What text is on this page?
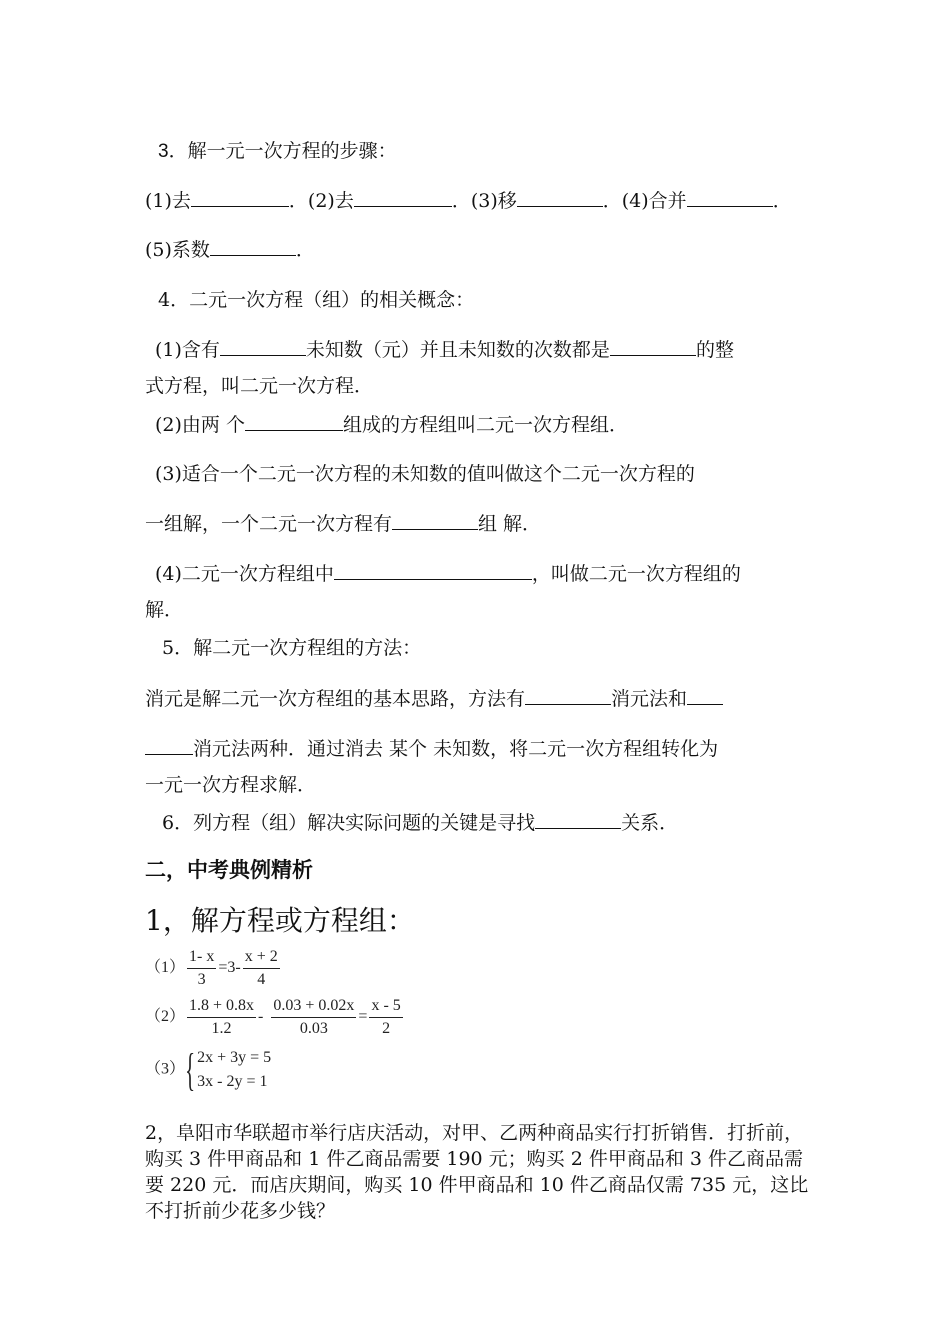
3．解一元一次方程的步骤：
(1)去	．(2)去	．(3)移	．(4)合并	．
(5)系数	．
4．二元一次方程（组）的相关概念：
(1)含有	未知数（元）并且未知数的次数都是	的整
式方程，叫二元一次方程．
(2)由两 个	组成的方程组叫二元一次方程组．
(3)适合一个二元一次方程的未知数的值叫做这个二元一次方程的
一组解，一个二元一次方程有	组 解．
(4)二元一次方程组中	，叫做二元一次方程组的
解．
5．解二元一次方程组的方法：
消元是解二元一次方程组的基本思路，方法有	消元法和
消元法两种．通过消去 某个 未知数，将二元一次方程组转化为
一元一次方程求解．
6．列方程（组）解决实际问题的关键是寻找	关系．
二，中考典例精析
1，解方程或方程组：
$(1) \frac{1- x}{3} =3- \frac{x + 2}{4}$
$(2) \frac{1.8 + 0.8x}{1.2} - \frac{0.03 + 0.02x}{0.03} = \frac{x - 5}{2}$
（3）{ 2x + 3y = 5
3x - 2y = 1
2，阜阳市华联超市举行店庆活动，对甲、乙两种商品实行打折销售．打折前，购买 3 件甲商品和 1 件乙商品需要 190 元；购买 2 件甲商品和 3 件乙商品需要 220 元．而店庆期间，购买 10 件甲商品和 10 件乙商品仅需 735 元，这比不打折前少花多少钱？
